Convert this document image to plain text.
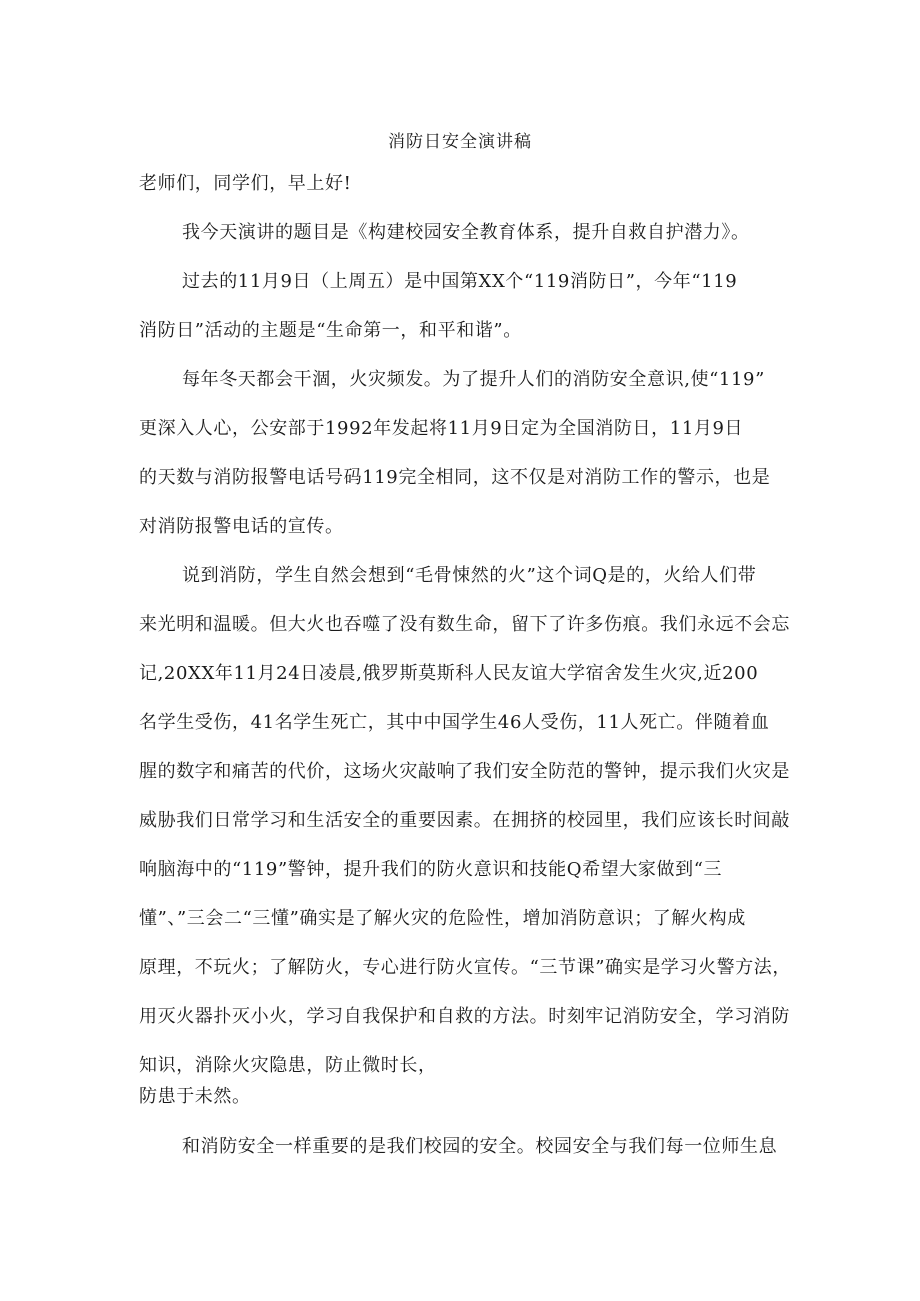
消防日安全演讲稿
老师们，同学们，早上好!
我今天演讲的题目是《构建校园安全教育体系，提升自救自护潜力》。
过去的11月9日（上周五）是中国第XX个“119消防日”，今年“119
消防日”活动的主题是“生命第一，和平和谐”。
每年冬天都会干涸，火灾频发。为了提升人们的消防安全意识,使“119”
更深入人心，公安部于1992年发起将11月9日定为全国消防日，11月9日
的天数与消防报警电话号码119完全相同，这不仅是对消防工作的警示，也是
对消防报警电话的宣传。
说到消防，学生自然会想到“毛骨悚然的火”这个词Q是的，火给人们带
来光明和温暖。但大火也吞噬了没有数生命，留下了许多伤痕。我们永远不会忘
记,20XX年11月24日凌晨,俄罗斯莫斯科人民友谊大学宿舍发生火灾,近200
名学生受伤，41名学生死亡，其中中国学生46人受伤，11人死亡。伴随着血
腥的数字和痛苦的代价，这场火灾敲响了我们安全防范的警钟，提示我们火灾是
威胁我们日常学习和生活安全的重要因素。在拥挤的校园里，我们应该长时间敲
响脑海中的“119”警钟，提升我们的防火意识和技能Q希望大家做到“三
懂”、”三会二“三懂”确实是了解火灾的危险性，增加消防意识；了解火构成
原理，不玩火；了解防火，专心进行防火宣传。“三节课”确实是学习火警方法，
用灭火器扑灭小火，学习自我保护和自救的方法。时刻牢记消防安全，学习消防
知识，消除火灾隐患，防止微时长，
防患于未然。
和消防安全一样重要的是我们校园的安全。校园安全与我们每一位师生息
